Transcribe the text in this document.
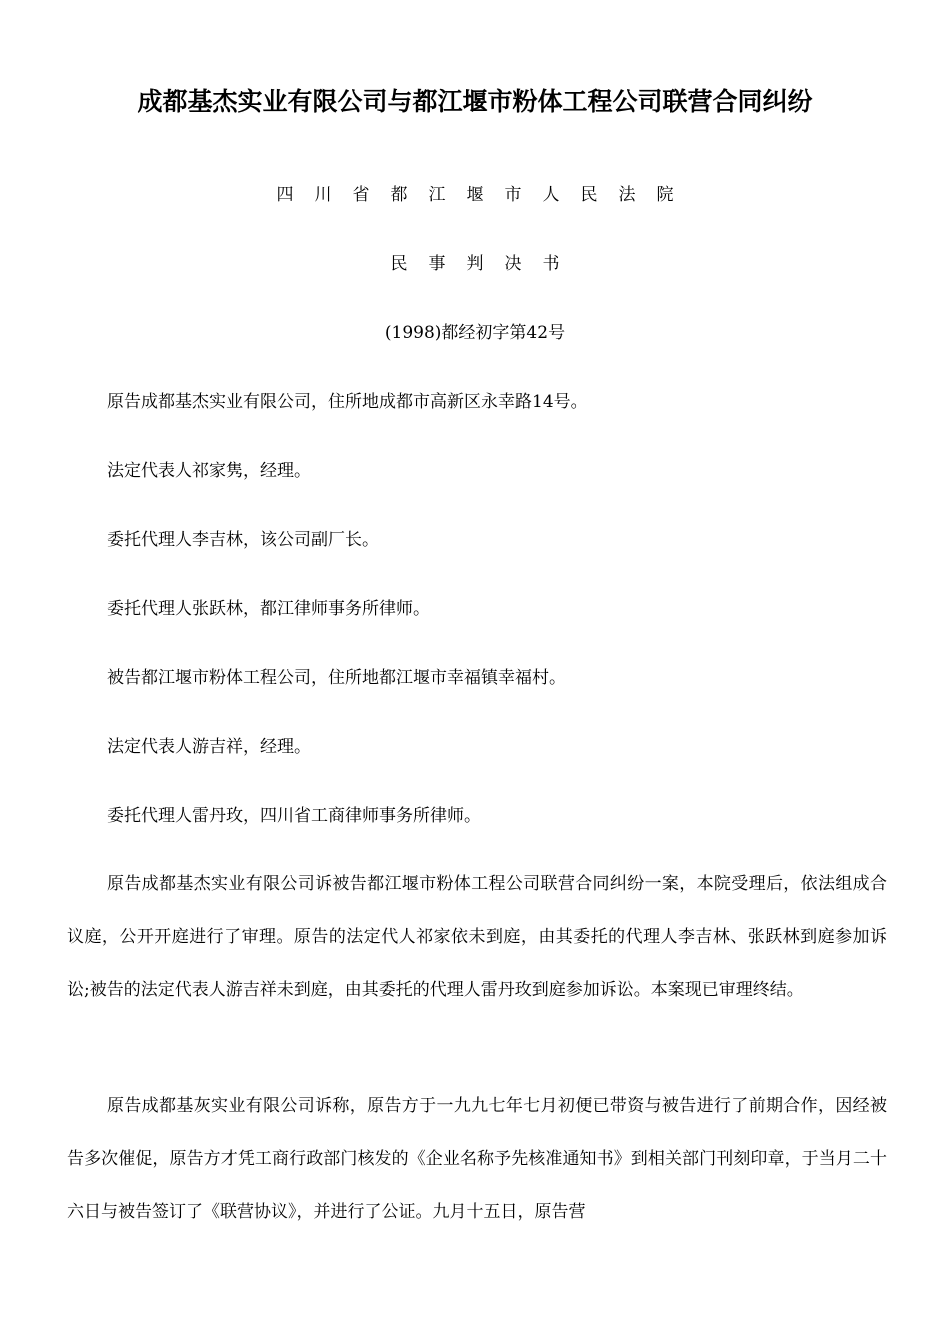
成都基杰实业有限公司与都江堰市粉体工程公司联营合同纠纷
四川省都江堰市人民法院
民事判决书
(1998)都经初字第42号
原告成都基杰实业有限公司，住所地成都市高新区永幸路14号。
法定代表人祁家隽，经理。
委托代理人李吉林，该公司副厂长。
委托代理人张跃林，都江律师事务所律师。
被告都江堰市粉体工程公司，住所地都江堰市幸福镇幸福村。
法定代表人游吉祥，经理。
委托代理人雷丹玫，四川省工商律师事务所律师。

原告成都基杰实业有限公司诉被告都江堰市粉体工程公司联营合同纠纷一案，本院受理后，依法组成合议庭，公开开庭进行了审理。原告的法定代人祁家依未到庭，由其委托的代理人李吉林、张跃林到庭参加诉讼;被告的法定代表人游吉祥未到庭，由其委托的代理人雷丹玫到庭参加诉讼。本案现已审理终结。

原告成都基灰实业有限公司诉称，原告方于一九九七年七月初便已带资与被告进行了前期合作，因经被告多次催促，原告方才凭工商行政部门核发的《企业名称予先核准通知书》到相关部门刊刻印章，于当月二十六日与被告签订了《联营协议》，并进行了公证。九月十五日，原告营
